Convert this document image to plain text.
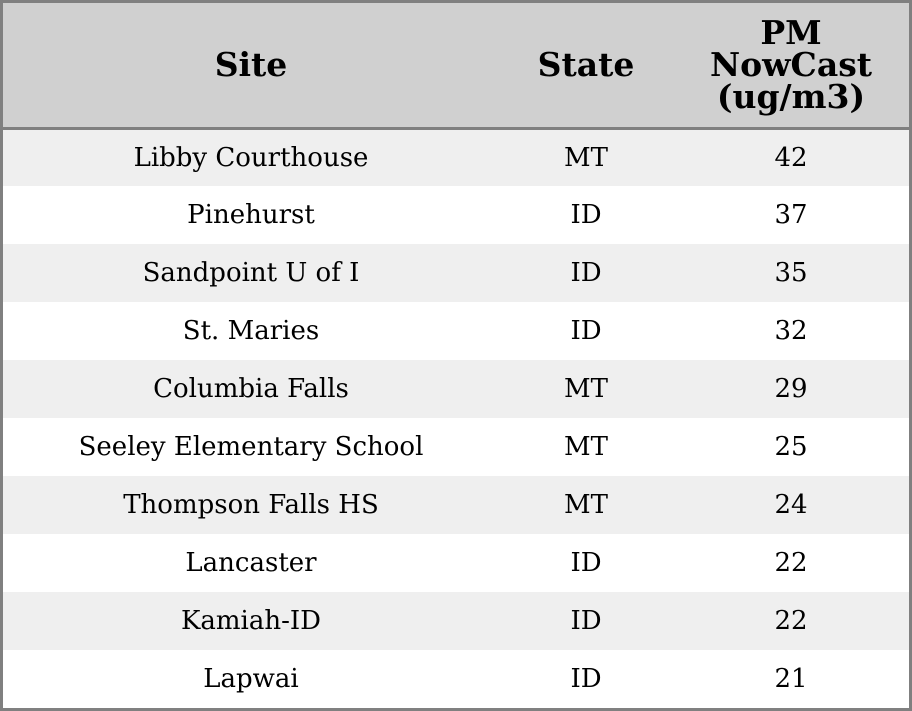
Site	State	PM
NowCast
(ug/m3)
Libby Courthouse	MT	42
Pinehurst	ID	37
Sandpoint U of I	ID	35
St. Maries	ID	32
Columbia Falls	MT	29
Seeley Elementary School	MT	25
Thompson Falls HS	MT	24
Lancaster	ID	22
Kamiah-ID	ID	22
Lapwai	ID	21
